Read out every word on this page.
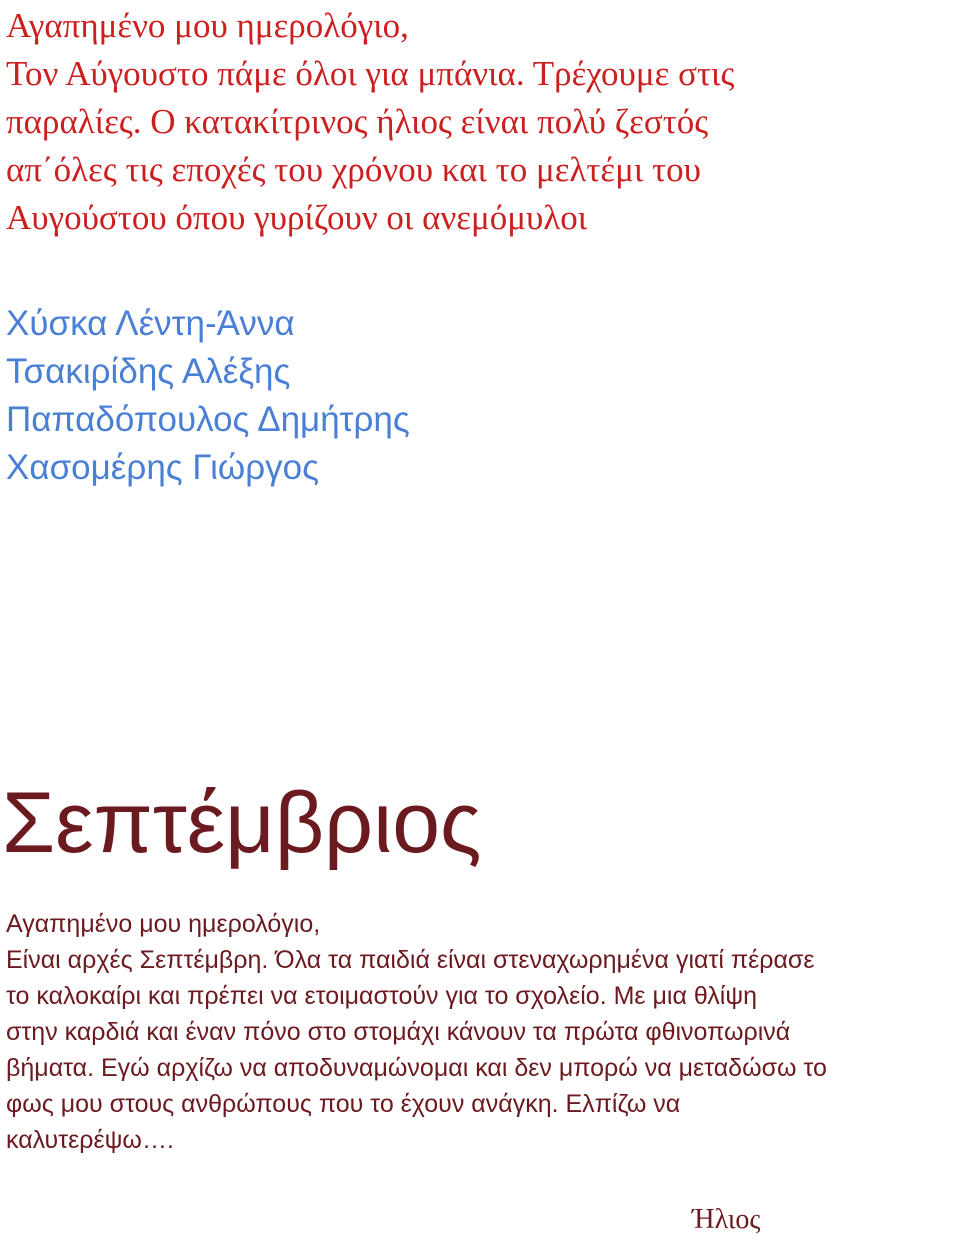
Αγαπημένο μου ημερολόγιο,

Τον Αύγουστο πάμε όλοι για μπάνια. Τρέχουμε στις

παραλίες. Ο κατακίτρινος ήλιος είναι πολύ ζεστός

απ΄όλες τις εποχές του χρόνου και το μελτέμι του

Αυγούστου όπου γυρίζουν οι ανεμόμυλοι

Χύσκα Λέντη-Άννα

Τσακιρίδης Αλέξης

Παπαδόπουλος Δημήτρης

Χασομέρης Γιώργος

Σεπτέμβριος

Αγαπημένο μου ημερολόγιο,

Είναι αρχές Σεπτέμβρη. Όλα τα παιδιά είναι στεναχωρημένα γιατί πέρασε

το καλοκαίρι και πρέπει να ετοιμαστούν για το σχολείο. Με μια θλίψη

στην καρδιά και έναν πόνο στο στομάχι κάνουν τα πρώτα φθινοπωρινά

βήματα. Εγώ αρχίζω να αποδυναμώνομαι και δεν μπορώ να μεταδώσω το

φως μου στους ανθρώπους που το έχουν ανάγκη. Ελπίζω να

καλυτερέψω….

Ήλιος
